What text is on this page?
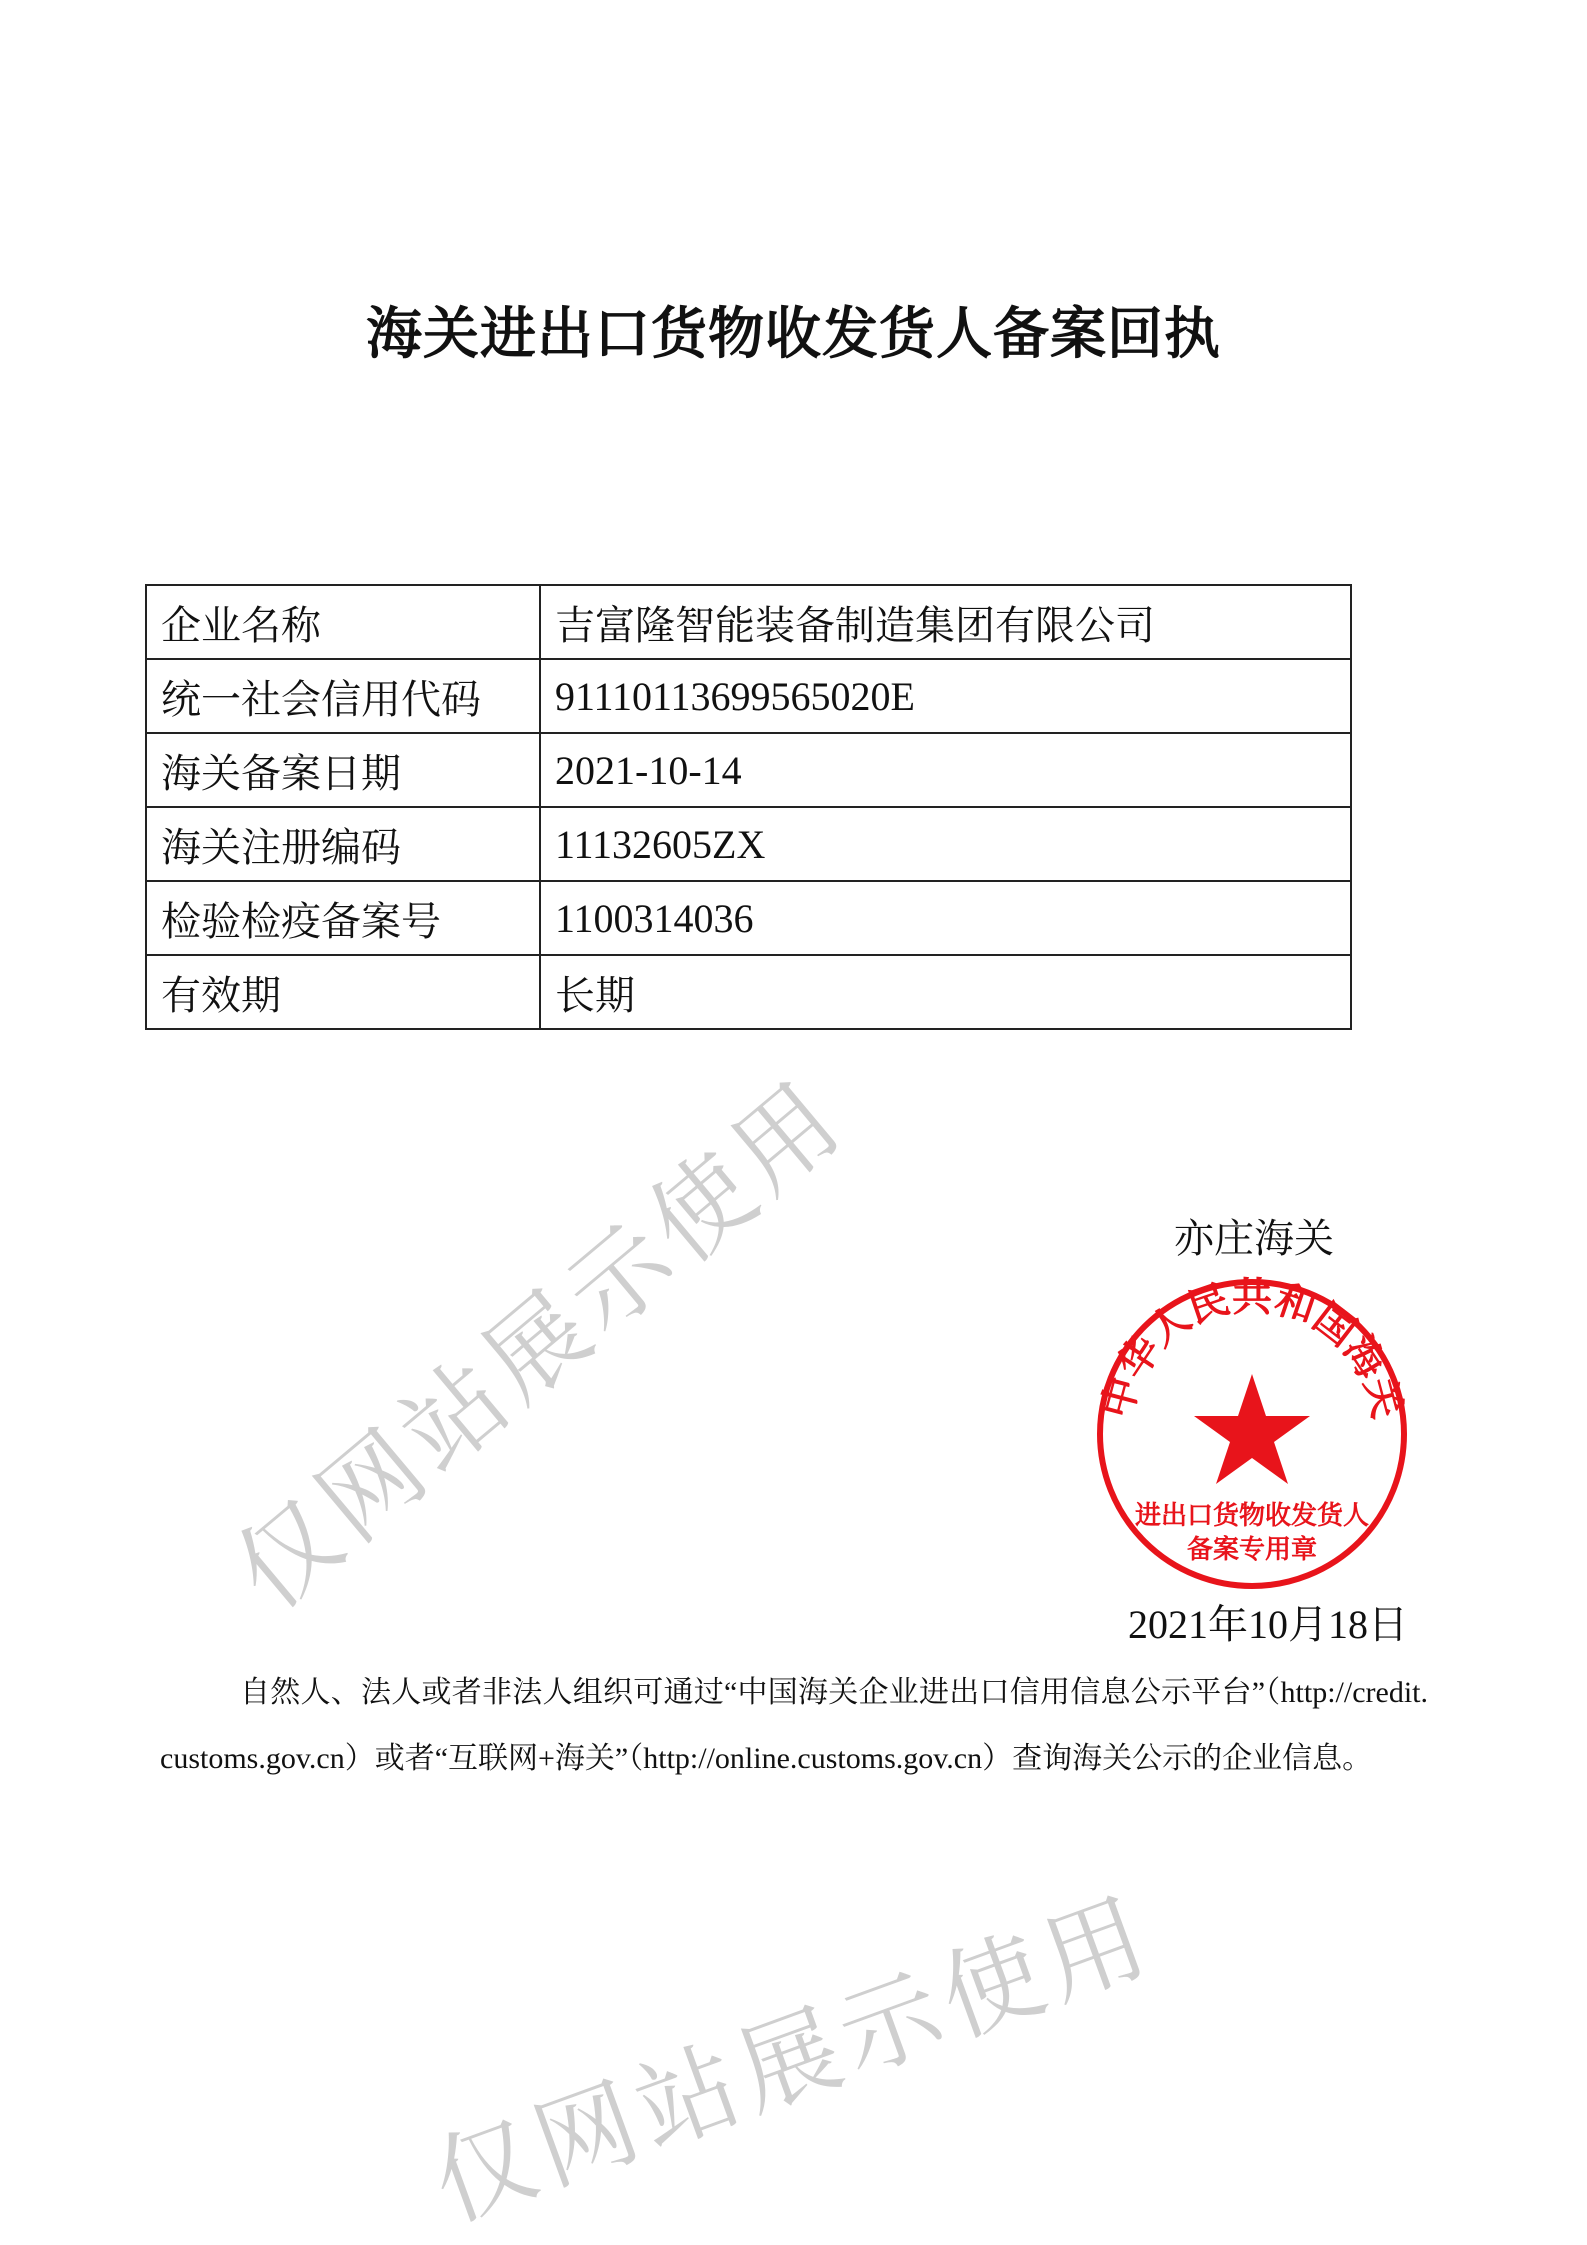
仅网站展示使用
仅网站展示使用
海关进出口货物收发货人备案回执
企业名称	吉富隆智能装备制造集团有限公司
统一社会信用代码	91110113699565020E
海关备案日期	2021-10-14
海关注册编码	11132605ZX
检验检疫备案号	1100314036
有效期	长期
中华人民共和国海关
进出口货物收发货人
备案专用章
亦庄海关
2021年10月18日

自然人、法人或者非法人组织可通过“中国海关企业进出口信用信息公示平台”（http://credit.customs.gov.cn）或者“互联网+海关”（http://online.customs.gov.cn）查询海关公示的企业信息。
